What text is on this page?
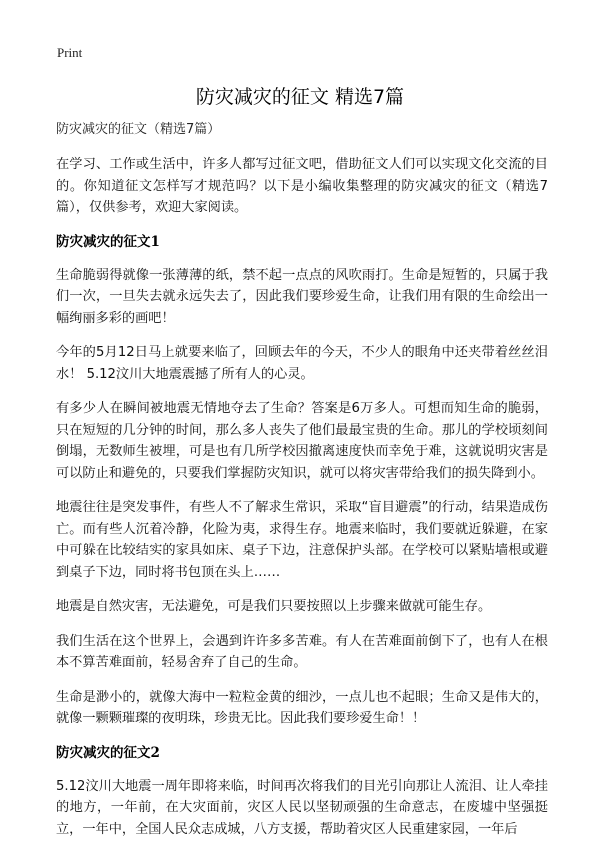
Print
防灾减灾的征文 精选7篇

防灾减灾的征文（精选7篇）

在学习、工作或生活中，许多人都写过征文吧，借助征文人们可以实现文化交流的目的。你知道征文怎样写才规范吗？以下是小编收集整理的防灾减灾的征文（精选7篇），仅供参考，欢迎大家阅读。

防灾减灾的征文1

生命脆弱得就像一张薄薄的纸，禁不起一点点的风吹雨打。生命是短暂的，只属于我们一次，一旦失去就永远失去了，因此我们要珍爱生命，让我们用有限的生命绘出一幅绚丽多彩的画吧！

今年的5月12日马上就要来临了，回顾去年的今天，不少人的眼角中还夹带着丝丝泪水！ 5.12汶川大地震震撼了所有人的心灵。

有多少人在瞬间被地震无情地夺去了生命？答案是6万多人。可想而知生命的脆弱，只在短短的几分钟的时间，那么多人丧失了他们最最宝贵的生命。那儿的学校顷刻间倒塌，无数师生被埋，可是也有几所学校因撤离速度快而幸免于难，这就说明灾害是可以防止和避免的，只要我们掌握防灾知识，就可以将灾害带给我们的损失降到小。

地震往往是突发事件，有些人不了解求生常识，采取“盲目避震”的行动，结果造成伤亡。而有些人沉着冷静，化险为夷，求得生存。地震来临时，我们要就近躲避，在家中可躲在比较结实的家具如床、桌子下边，注意保护头部。在学校可以紧贴墙根或避到桌子下边，同时将书包顶在头上……

地震是自然灾害，无法避免，可是我们只要按照以上步骤来做就可能生存。

我们生活在这个世界上，会遇到许许多多苦难。有人在苦难面前倒下了，也有人在根本不算苦难面前，轻易舍弃了自己的生命。

生命是渺小的，就像大海中一粒粒金黄的细沙，一点儿也不起眼；生命又是伟大的，就像一颗颗璀璨的夜明珠，珍贵无比。因此我们要珍爱生命！！

防灾减灾的征文2

5.12汶川大地震一周年即将来临，时间再次将我们的目光引向那让人流泪、让人牵挂的地方，一年前，在大灾面前，灾区人民以坚韧顽强的生命意志，在废墟中坚强挺立，一年中，全国人民众志成城，八方支援，帮助着灾区人民重建家园，一年后
